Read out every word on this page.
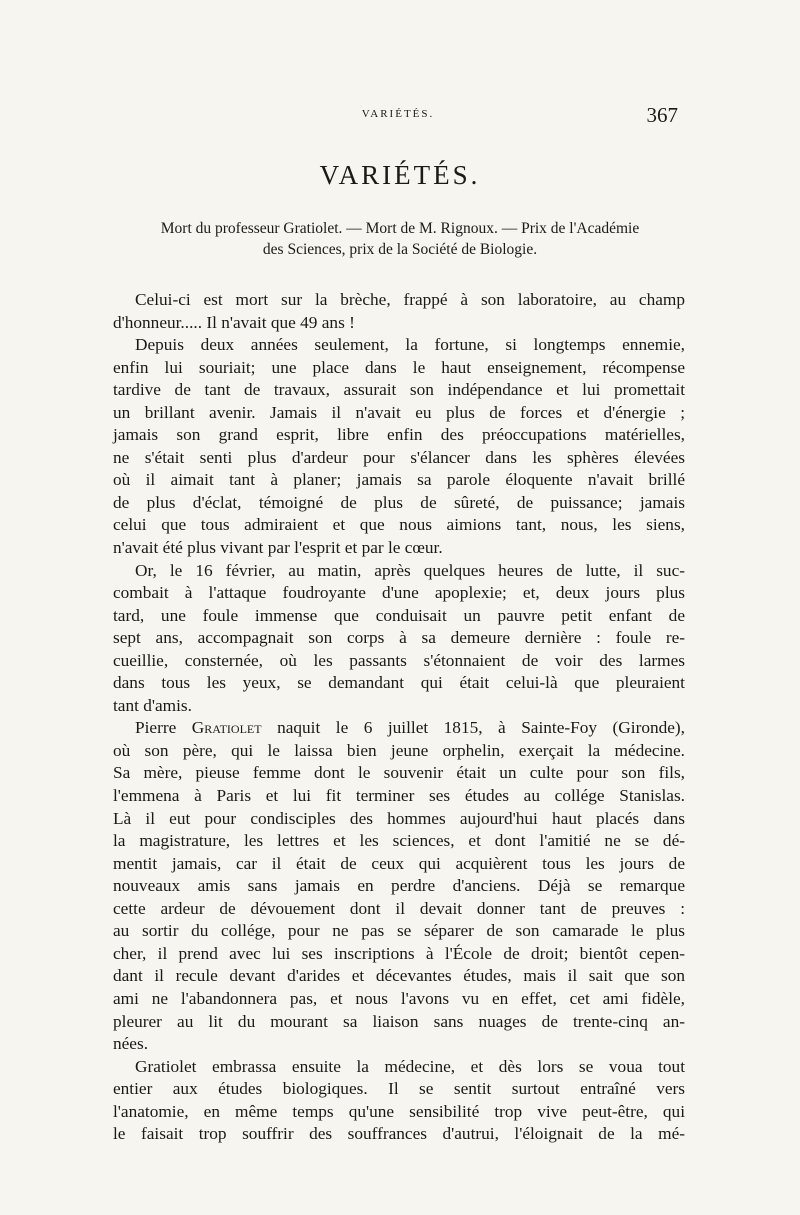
VARIÉTÉS.	367
VARIÉTÉS.
Mort du professeur Gratiolet. — Mort de M. Rignoux. — Prix de l'Académie
des Sciences, prix de la Société de Biologie.
Celui-ci est mort sur la brèche, frappé à son laboratoire, au champ
d'honneur..... Il n'avait que 49 ans !
Depuis deux années seulement, la fortune, si longtemps ennemie,
enfin lui souriait; une place dans le haut enseignement, récompense
tardive de tant de travaux, assurait son indépendance et lui promettait
un brillant avenir. Jamais il n'avait eu plus de forces et d'énergie ;
jamais son grand esprit, libre enfin des préoccupations matérielles,
ne s'était senti plus d'ardeur pour s'élancer dans les sphères élevées
où il aimait tant à planer; jamais sa parole éloquente n'avait brillé
de plus d'éclat, témoigné de plus de sûreté, de puissance; jamais
celui que tous admiraient et que nous aimions tant, nous, les siens,
n'avait été plus vivant par l'esprit et par le cœur.
Or, le 16 février, au matin, après quelques heures de lutte, il suc-
combait à l'attaque foudroyante d'une apoplexie; et, deux jours plus
tard, une foule immense que conduisait un pauvre petit enfant de
sept ans, accompagnait son corps à sa demeure dernière : foule re-
cueillie, consternée, où les passants s'étonnaient de voir des larmes
dans tous les yeux, se demandant qui était celui-là que pleuraient
tant d'amis.
Pierre Gratiolet naquit le 6 juillet 1815, à Sainte-Foy (Gironde),
où son père, qui le laissa bien jeune orphelin, exerçait la médecine.
Sa mère, pieuse femme dont le souvenir était un culte pour son fils,
l'emmena à Paris et lui fit terminer ses études au collége Stanislas.
Là il eut pour condisciples des hommes aujourd'hui haut placés dans
la magistrature, les lettres et les sciences, et dont l'amitié ne se dé-
mentit jamais, car il était de ceux qui acquièrent tous les jours de
nouveaux amis sans jamais en perdre d'anciens. Déjà se remarque
cette ardeur de dévouement dont il devait donner tant de preuves :
au sortir du collége, pour ne pas se séparer de son camarade le plus
cher, il prend avec lui ses inscriptions à l'École de droit; bientôt cepen-
dant il recule devant d'arides et décevantes études, mais il sait que son
ami ne l'abandonnera pas, et nous l'avons vu en effet, cet ami fidèle,
pleurer au lit du mourant sa liaison sans nuages de trente-cinq an-
nées.
Gratiolet embrassa ensuite la médecine, et dès lors se voua tout
entier aux études biologiques. Il se sentit surtout entraîné vers
l'anatomie, en même temps qu'une sensibilité trop vive peut-être, qui
le faisait trop souffrir des souffrances d'autrui, l'éloignait de la mé-
